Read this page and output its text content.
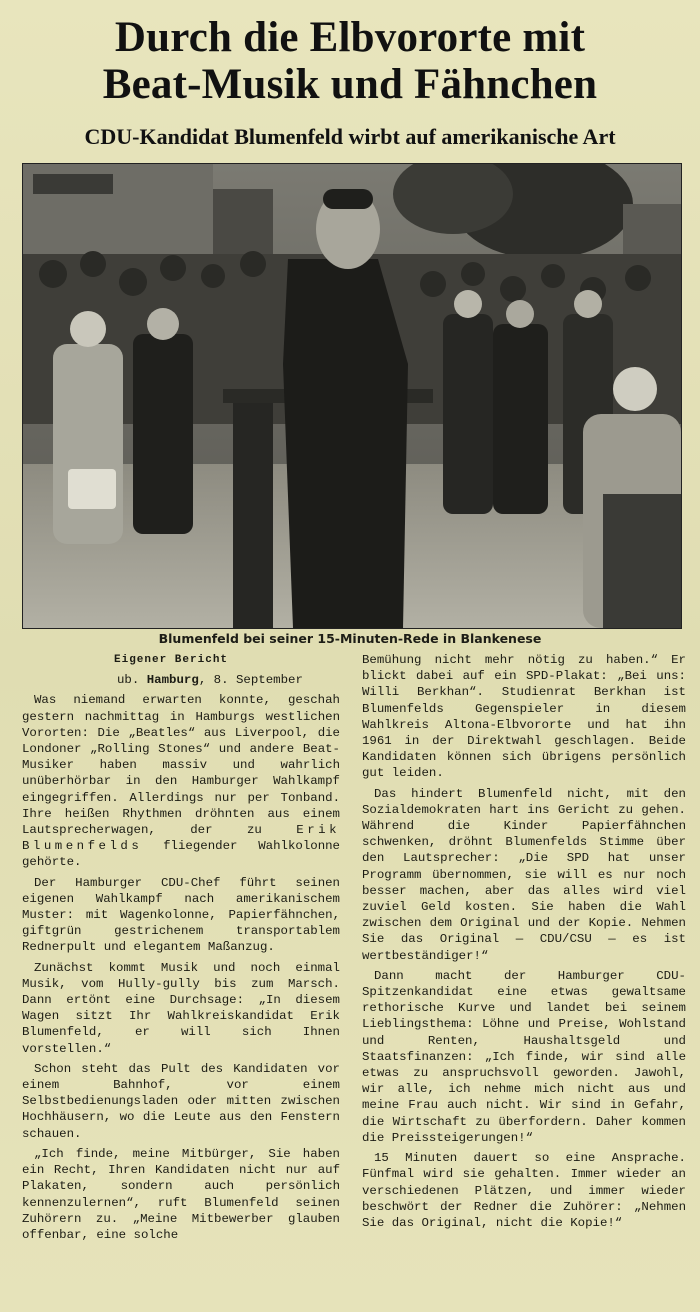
Durch die Elbvororte mit
Beat-Musik und Fähnchen
CDU-Kandidat Blumenfeld wirbt auf amerikanische Art
Blumenfeld bei seiner 15-Minuten-Rede in Blankenese

Eigener Bericht

ub. Hamburg, 8. September

Was niemand erwarten konnte, geschah gestern nachmittag in Hamburgs westlichen Vororten: Die „Beatles“ aus Liverpool, die Londoner „Rolling Stones“ und andere Beat-Musiker haben massiv und wahrlich unüberhörbar in den Hamburger Wahlkampf eingegriffen. Allerdings nur per Tonband. Ihre heißen Rhythmen dröhnten aus einem Lautsprecherwagen, der zu	Erik Blumenfelds fliegender Wahlkolonne gehörte.

Der Hamburger CDU-Chef führt seinen eigenen Wahlkampf nach amerikanischem Muster: mit Wagenkolonne, Papierfähnchen, giftgrün gestrichenem transportablem Rednerpult und elegantem Maßanzug.

Zunächst kommt Musik und noch einmal Musik, vom Hully-gully bis zum Marsch. Dann ertönt eine Durchsage: „In diesem Wagen sitzt Ihr Wahlkreiskandidat Erik Blumenfeld, er will sich Ihnen vorstellen.“

Schon steht das Pult des Kandidaten vor einem Bahnhof, vor einem Selbstbedienungsladen oder mitten zwischen Hochhäusern, wo die Leute aus den Fenstern schauen.

„Ich finde, meine Mitbürger, Sie haben ein Recht, Ihren Kandidaten nicht nur auf Plakaten, sondern auch persönlich kennenzulernen“, ruft Blumenfeld seinen Zuhörern zu. „Meine Mitbewerber glauben offenbar, eine solche

Bemühung nicht mehr nötig zu haben.“ Er blickt dabei auf ein SPD-Plakat: „Bei uns: Willi Berkhan“. Studienrat Berkhan ist Blumenfelds Gegenspieler in diesem Wahlkreis Altona-Elbvororte und hat ihn 1961 in der Direktwahl geschlagen. Beide Kandidaten können sich übrigens persönlich gut leiden.

Das hindert Blumenfeld nicht, mit den Sozialdemokraten hart ins Gericht zu gehen. Während die Kinder Papierfähnchen schwenken, dröhnt Blumenfelds Stimme über den Lautsprecher: „Die SPD hat unser Programm übernommen, sie will es nur noch besser machen, aber das alles wird viel zuviel Geld kosten. Sie haben die Wahl zwischen dem Original und der Kopie. Nehmen Sie das Original — CDU/CSU — es ist wertbeständiger!“

Dann macht der Hamburger CDU-Spitzenkandidat eine etwas gewaltsame rethorische Kurve und landet bei seinem Lieblingsthema: Löhne und Preise, Wohlstand und Renten, Haushaltsgeld und Staatsfinanzen: „Ich finde, wir sind alle etwas zu anspruchsvoll geworden. Jawohl, wir alle, ich nehme mich nicht aus und meine Frau auch nicht. Wir sind in Gefahr, die Wirtschaft zu überfordern. Daher kommen die Preissteigerungen!“

15 Minuten dauert so eine Ansprache. Fünfmal wird sie gehalten. Immer wieder an verschiedenen Plätzen, und immer wieder beschwört der Redner die Zuhörer: „Nehmen Sie das Original, nicht die Kopie!“
